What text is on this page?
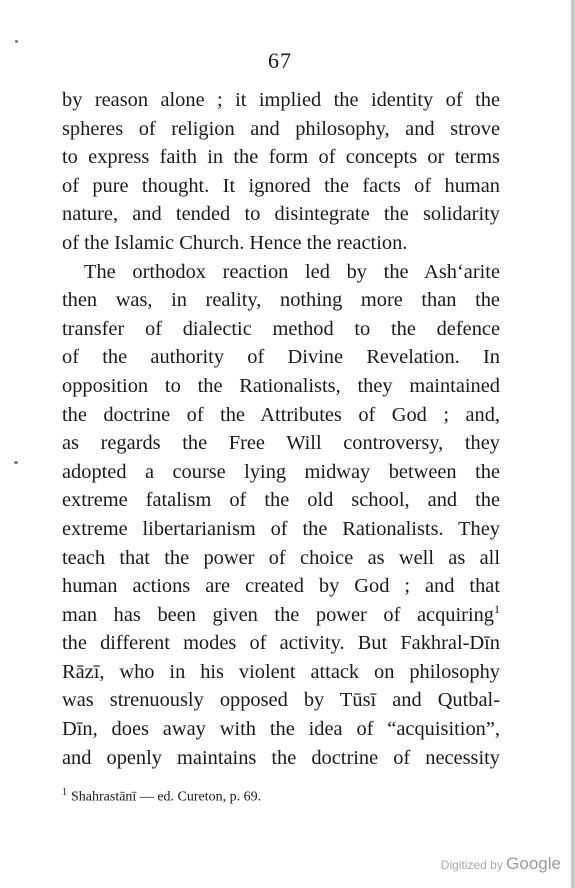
67
by reason alone ; it implied the identity of the
spheres of religion and philosophy, and strove
to express faith in the form of concepts or terms
of pure thought. It ignored the facts of human
nature, and tended to disintegrate the solidarity
of the Islamic Church. Hence the reaction.
The orthodox reaction led by the Ash‘arite
then was, in reality, nothing more than the
transfer of dialectic method to the defence
of the authority of Divine Revelation. In
opposition to the Rationalists, they maintained
the doctrine of the Attributes of God ; and,
as regards the Free Will controversy, they
adopted a course lying midway between the
extreme fatalism of the old school, and the
extreme libertarianism of the Rationalists. They
teach that the power of choice as well as all
human actions are created by God ; and that
man has been given the power of acquiring$^1$
the different modes of activity. But Fakhral-Dīn
Rāzī, who in his violent attack on philosophy
was strenuously opposed by Tūsī and Qutbal-
Dīn, does away with the idea of “acquisition”,
and openly maintains the doctrine of necessity
$^1$ Shahrastānī — ed. Cureton, p. 69.
Digitized by Google
